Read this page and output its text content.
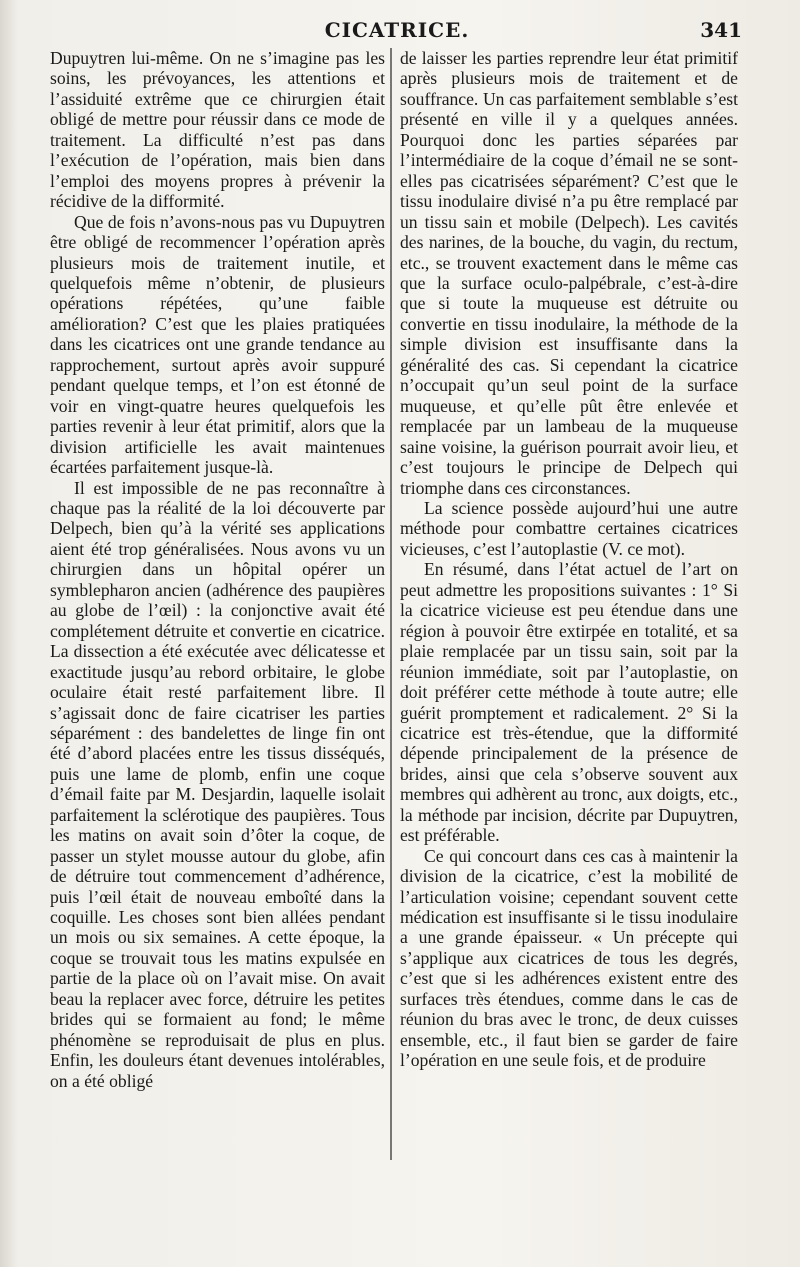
CICATRICE.	341

Dupuytren lui-même. On ne s’imagine pas les soins, les prévoyances, les attentions et l’assiduité extrême que ce chirurgien était obligé de mettre pour réussir dans ce mode de traitement. La difficulté n’est pas dans l’exécution de l’opération, mais bien dans l’emploi des moyens propres à prévenir la récidive de la difformité.

Que de fois n’avons-nous pas vu Dupuytren être obligé de recommencer l’opération après plusieurs mois de traitement inutile, et quelquefois même n’obtenir, de plusieurs opérations répétées, qu’une faible amélioration? C’est que les plaies pratiquées dans les cicatrices ont une grande tendance au rapprochement, surtout après avoir suppuré pendant quelque temps, et l’on est étonné de voir en vingt-quatre heures quelquefois les parties revenir à leur état primitif, alors que la division artificielle les avait maintenues écartées parfaitement jusque-là.

Il est impossible de ne pas reconnaître à chaque pas la réalité de la loi découverte par Delpech, bien qu’à la vérité ses applications aient été trop généralisées. Nous avons vu un chirurgien dans un hôpital opérer un symblepharon ancien (adhérence des paupières au globe de l’œil) : la conjonctive avait été complétement détruite et convertie en cicatrice. La dissection a été exécutée avec délicatesse et exactitude jusqu’au rebord orbitaire, le globe oculaire était resté parfaitement libre. Il s’agissait donc de faire cicatriser les parties séparément : des bandelettes de linge fin ont été d’abord placées entre les tissus disséqués, puis une lame de plomb, enfin une coque d’émail faite par M. Desjardin, laquelle isolait parfaitement la sclérotique des paupières. Tous les matins on avait soin d’ôter la coque, de passer un stylet mousse autour du globe, afin de détruire tout commencement d’adhérence, puis l’œil était de nouveau emboîté dans la coquille. Les choses sont bien allées pendant un mois ou six semaines. A cette époque, la coque se trouvait tous les matins expulsée en partie de la place où on l’avait mise. On avait beau la replacer avec force, détruire les petites brides qui se formaient au fond; le même phénomène se reproduisait de plus en plus. Enfin, les douleurs étant devenues intolérables, on a été obligé

de laisser les parties reprendre leur état primitif après plusieurs mois de traitement et de souffrance. Un cas parfaitement semblable s’est présenté en ville il y a quelques années. Pourquoi donc les parties séparées par l’intermédiaire de la coque d’émail ne se sont-elles pas cicatrisées séparément? C’est que le tissu inodulaire divisé n’a pu être remplacé par un tissu sain et mobile (Delpech). Les cavités des narines, de la bouche, du vagin, du rectum, etc., se trouvent exactement dans le même cas que la surface oculo-palpébrale, c’est-à-dire que si toute la muqueuse est détruite ou convertie en tissu inodulaire, la méthode de la simple division est insuffisante dans la généralité des cas. Si cependant la cicatrice n’occupait qu’un seul point de la surface muqueuse, et qu’elle pût être enlevée et remplacée par un lambeau de la muqueuse saine voisine, la guérison pourrait avoir lieu, et c’est toujours le principe de Delpech qui triomphe dans ces circonstances.

La science possède aujourd’hui une autre méthode pour combattre certaines cicatrices vicieuses, c’est l’autoplastie (V. ce mot).

En résumé, dans l’état actuel de l’art on peut admettre les propositions suivantes : 1° Si la cicatrice vicieuse est peu étendue dans une région à pouvoir être extirpée en totalité, et sa plaie remplacée par un tissu sain, soit par la réunion immédiate, soit par l’autoplastie, on doit préférer cette méthode à toute autre; elle guérit promptement et radicalement. 2° Si la cicatrice est très-étendue, que la difformité dépende principalement de la présence de brides, ainsi que cela s’observe souvent aux membres qui adhèrent au tronc, aux doigts, etc., la méthode par incision, décrite par Dupuytren, est préférable.

Ce qui concourt dans ces cas à maintenir la division de la cicatrice, c’est la mobilité de l’articulation voisine; cependant souvent cette médication est insuffisante si le tissu inodulaire a une grande épaisseur. « Un précepte qui s’applique aux cicatrices de tous les degrés, c’est que si les adhérences existent entre des surfaces très étendues, comme dans le cas de réunion du bras avec le tronc, de deux cuisses ensemble, etc., il faut bien se garder de faire l’opération en une seule fois, et de produire
